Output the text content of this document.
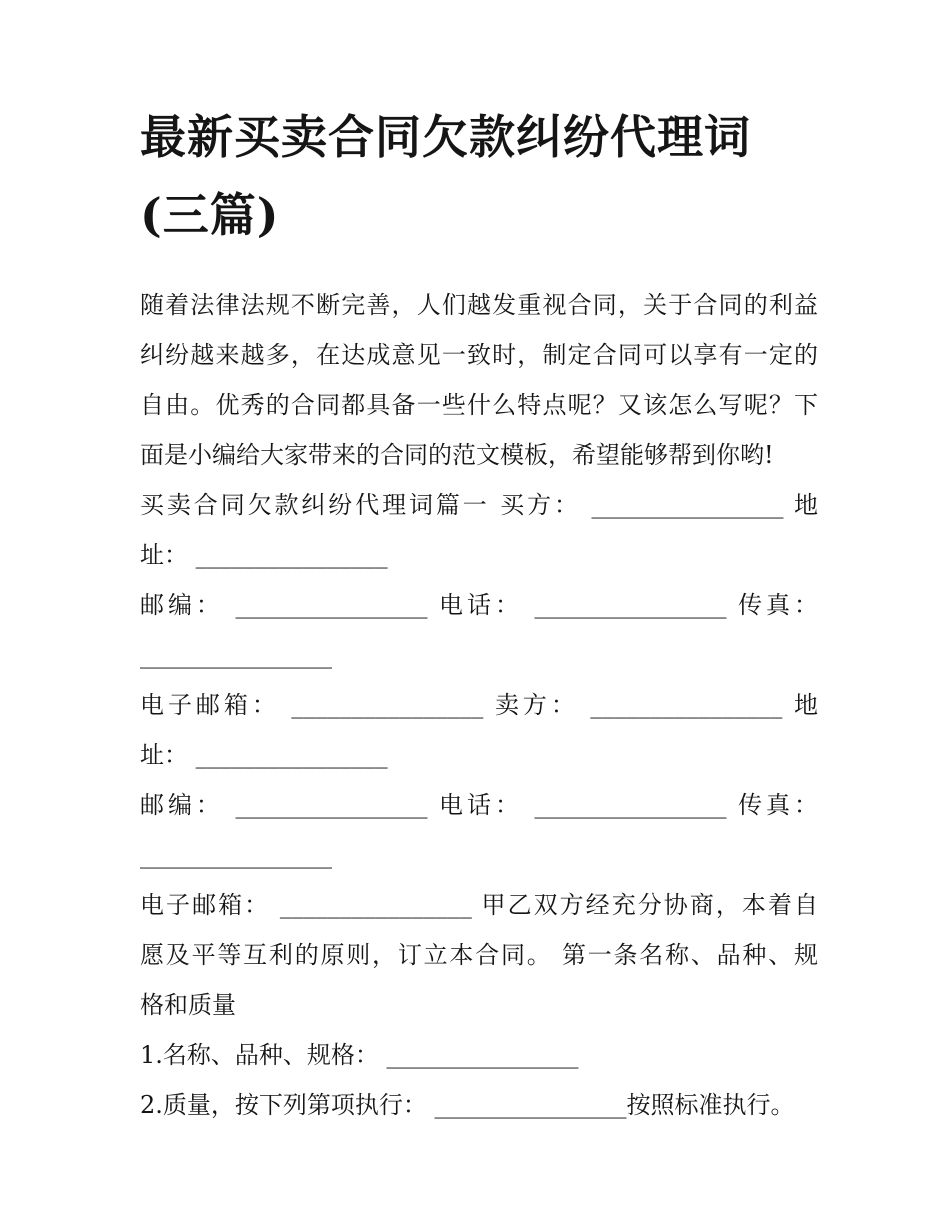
最新买卖合同欠款纠纷代理词
(三篇)

随着法律法规不断完善，人们越发重视合同，关于合同的利益
纠纷越来越多，在达成意见一致时，制定合同可以享有一定的
自由。优秀的合同都具备一些什么特点呢？又该怎么写呢？下
面是小编给大家带来的合同的范文模板，希望能够帮到你哟!

买卖合同欠款纠纷代理词篇一 买方： ________________ 地
址： ________________

邮编： ________________ 电话： ________________ 传真：
________________

电子邮箱： ________________ 卖方： ________________ 地
址： ________________

邮编： ________________ 电话： ________________ 传真：
________________

电子邮箱： ________________ 甲乙双方经充分协商，本着自
愿及平等互利的原则，订立本合同。 第一条名称、品种、规
格和质量

1.名称、品种、规格： ________________

2.质量，按下列第项执行： ________________按照标准执行。
